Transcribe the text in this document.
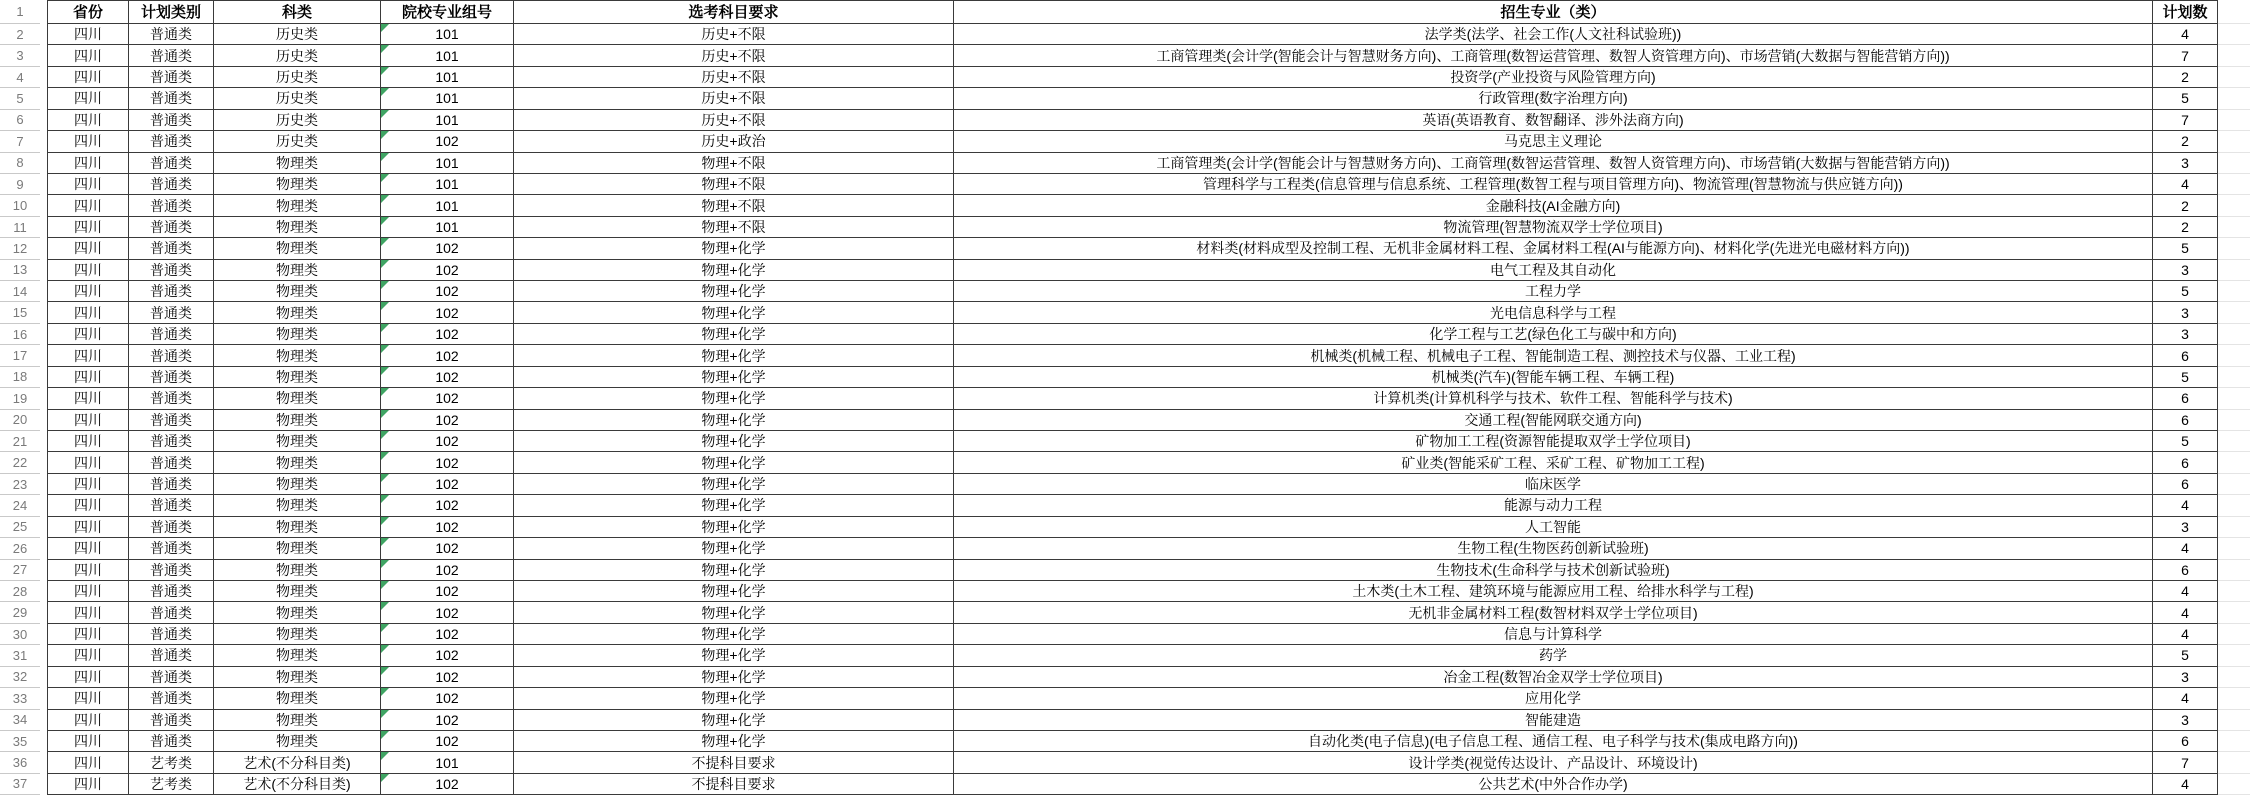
1	省份	计划类别	科类	院校专业组号	选考科目要求	招生专业（类）	计划数
2	四川	普通类	历史类	101	历史+不限	法学类(法学、社会工作(人文社科试验班))	4
3	四川	普通类	历史类	101	历史+不限	工商管理类(会计学(智能会计与智慧财务方向)、工商管理(数智运营管理、数智人资管理方向)、市场营销(大数据与智能营销方向))	7
4	四川	普通类	历史类	101	历史+不限	投资学(产业投资与风险管理方向)	2
5	四川	普通类	历史类	101	历史+不限	行政管理(数字治理方向)	5
6	四川	普通类	历史类	101	历史+不限	英语(英语教育、数智翻译、涉外法商方向)	7
7	四川	普通类	历史类	102	历史+政治	马克思主义理论	2
8	四川	普通类	物理类	101	物理+不限	工商管理类(会计学(智能会计与智慧财务方向)、工商管理(数智运营管理、数智人资管理方向)、市场营销(大数据与智能营销方向))	3
9	四川	普通类	物理类	101	物理+不限	管理科学与工程类(信息管理与信息系统、工程管理(数智工程与项目管理方向)、物流管理(智慧物流与供应链方向))	4
10	四川	普通类	物理类	101	物理+不限	金融科技(AI金融方向)	2
11	四川	普通类	物理类	101	物理+不限	物流管理(智慧物流双学士学位项目)	2
12	四川	普通类	物理类	102	物理+化学	材料类(材料成型及控制工程、无机非金属材料工程、金属材料工程(AI与能源方向)、材料化学(先进光电磁材料方向))	5
13	四川	普通类	物理类	102	物理+化学	电气工程及其自动化	3
14	四川	普通类	物理类	102	物理+化学	工程力学	5
15	四川	普通类	物理类	102	物理+化学	光电信息科学与工程	3
16	四川	普通类	物理类	102	物理+化学	化学工程与工艺(绿色化工与碳中和方向)	3
17	四川	普通类	物理类	102	物理+化学	机械类(机械工程、机械电子工程、智能制造工程、测控技术与仪器、工业工程)	6
18	四川	普通类	物理类	102	物理+化学	机械类(汽车)(智能车辆工程、车辆工程)	5
19	四川	普通类	物理类	102	物理+化学	计算机类(计算机科学与技术、软件工程、智能科学与技术)	6
20	四川	普通类	物理类	102	物理+化学	交通工程(智能网联交通方向)	6
21	四川	普通类	物理类	102	物理+化学	矿物加工工程(资源智能提取双学士学位项目)	5
22	四川	普通类	物理类	102	物理+化学	矿业类(智能采矿工程、采矿工程、矿物加工工程)	6
23	四川	普通类	物理类	102	物理+化学	临床医学	6
24	四川	普通类	物理类	102	物理+化学	能源与动力工程	4
25	四川	普通类	物理类	102	物理+化学	人工智能	3
26	四川	普通类	物理类	102	物理+化学	生物工程(生物医药创新试验班)	4
27	四川	普通类	物理类	102	物理+化学	生物技术(生命科学与技术创新试验班)	6
28	四川	普通类	物理类	102	物理+化学	土木类(土木工程、建筑环境与能源应用工程、给排水科学与工程)	4
29	四川	普通类	物理类	102	物理+化学	无机非金属材料工程(数智材料双学士学位项目)	4
30	四川	普通类	物理类	102	物理+化学	信息与计算科学	4
31	四川	普通类	物理类	102	物理+化学	药学	5
32	四川	普通类	物理类	102	物理+化学	冶金工程(数智冶金双学士学位项目)	3
33	四川	普通类	物理类	102	物理+化学	应用化学	4
34	四川	普通类	物理类	102	物理+化学	智能建造	3
35	四川	普通类	物理类	102	物理+化学	自动化类(电子信息)(电子信息工程、通信工程、电子科学与技术(集成电路方向))	6
36	四川	艺考类	艺术(不分科目类)	101	不提科目要求	设计学类(视觉传达设计、产品设计、环境设计)	7
37	四川	艺考类	艺术(不分科目类)	102	不提科目要求	公共艺术(中外合作办学)	4
